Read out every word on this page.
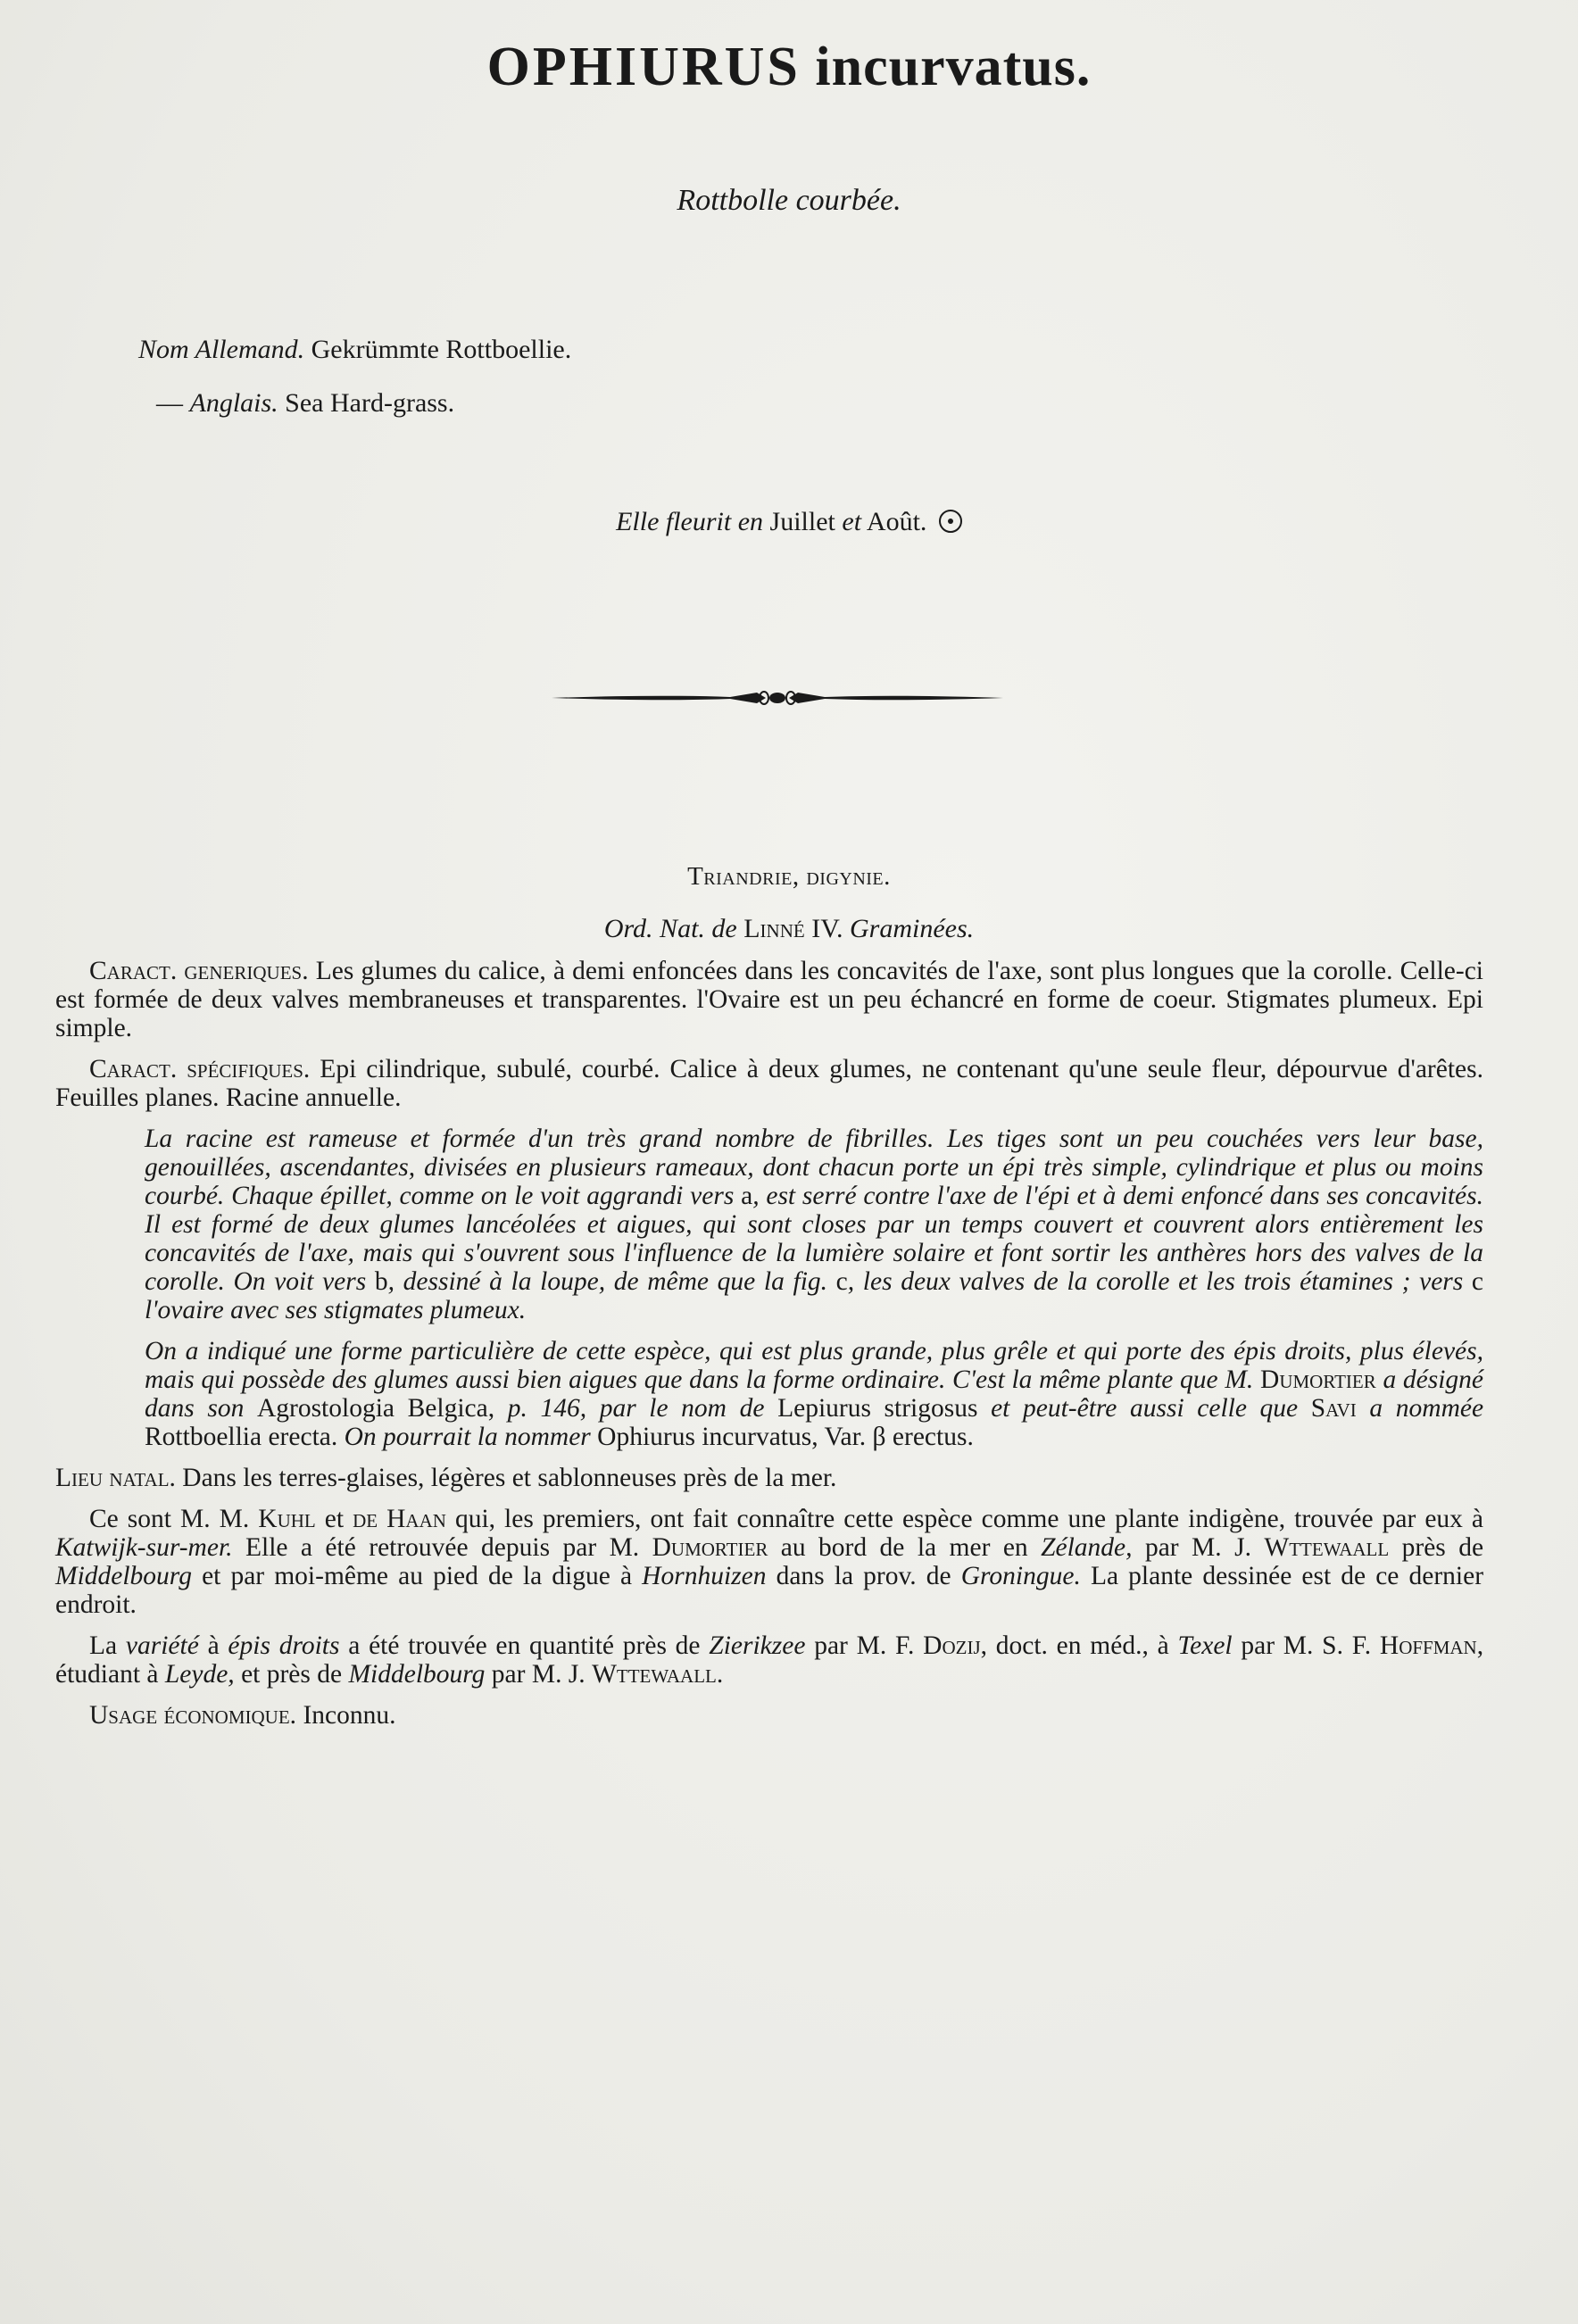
OPHIURUS incurvatus.
Rottbolle courbée.
Nom Allemand. Gekrümmte Rottboellie.
— Anglais. Sea Hard-grass.
Elle fleurit en Juillet et Août.
Triandrie, digynie.
Ord. Nat. de Linné IV. Graminées.

Caract. generiques. Les glumes du calice, à demi enfoncées dans les concavités de l'axe, sont plus longues que la corolle. Celle-ci est formée de deux valves membraneuses et transparentes. l'Ovaire est un peu échancré en forme de coeur. Stigmates plumeux. Epi simple.

Caract. spécifiques. Epi cilindrique, subulé, courbé. Calice à deux glumes, ne contenant qu'une seule fleur, dépourvue d'arêtes. Feuilles planes. Racine annuelle.

La racine est rameuse et formée d'un très grand nombre de fibrilles. Les tiges sont un peu couchées vers leur base, genouillées, ascendantes, divisées en plusieurs rameaux, dont chacun porte un épi très simple, cylindrique et plus ou moins courbé. Chaque épillet, comme on le voit aggrandi vers a, est serré contre l'axe de l'épi et à demi enfoncé dans ses concavités. Il est formé de deux glumes lancéolées et aigues, qui sont closes par un temps couvert et couvrent alors entièrement les concavités de l'axe, mais qui s'ouvrent sous l'influence de la lumière solaire et font sortir les anthères hors des valves de la corolle. On voit vers b, dessiné à la loupe, de même que la fig. c, les deux valves de la corolle et les trois étamines ; vers c l'ovaire avec ses stigmates plumeux.

On a indiqué une forme particulière de cette espèce, qui est plus grande, plus grêle et qui porte des épis droits, plus élevés, mais qui possède des glumes aussi bien aigues que dans la forme ordinaire. C'est la même plante que M. Dumortier a désigné dans son Agrostologia Belgica, p. 146, par le nom de Lepiurus strigosus et peut-être aussi celle que Savi a nommée Rottboellia erecta. On pourrait la nommer Ophiurus incurvatus, Var. β erectus.

Lieu natal. Dans les terres-glaises, légères et sablonneuses près de la mer.

Ce sont M. M. Kuhl et de Haan qui, les premiers, ont fait connaître cette espèce comme une plante indigène, trouvée par eux à Katwijk-sur-mer. Elle a été retrouvée depuis par M. Dumortier au bord de la mer en Zélande, par M. J. Wttewaall près de Middelbourg et par moi-même au pied de la digue à Hornhuizen dans la prov. de Groningue. La plante dessinée est de ce dernier endroit.

La variété à épis droits a été trouvée en quantité près de Zierikzee par M. F. Dozij, doct. en méd., à Texel par M. S. F. Hoffman, étudiant à Leyde, et près de Middelbourg par M. J. Wttewaall.

Usage économique. Inconnu.
